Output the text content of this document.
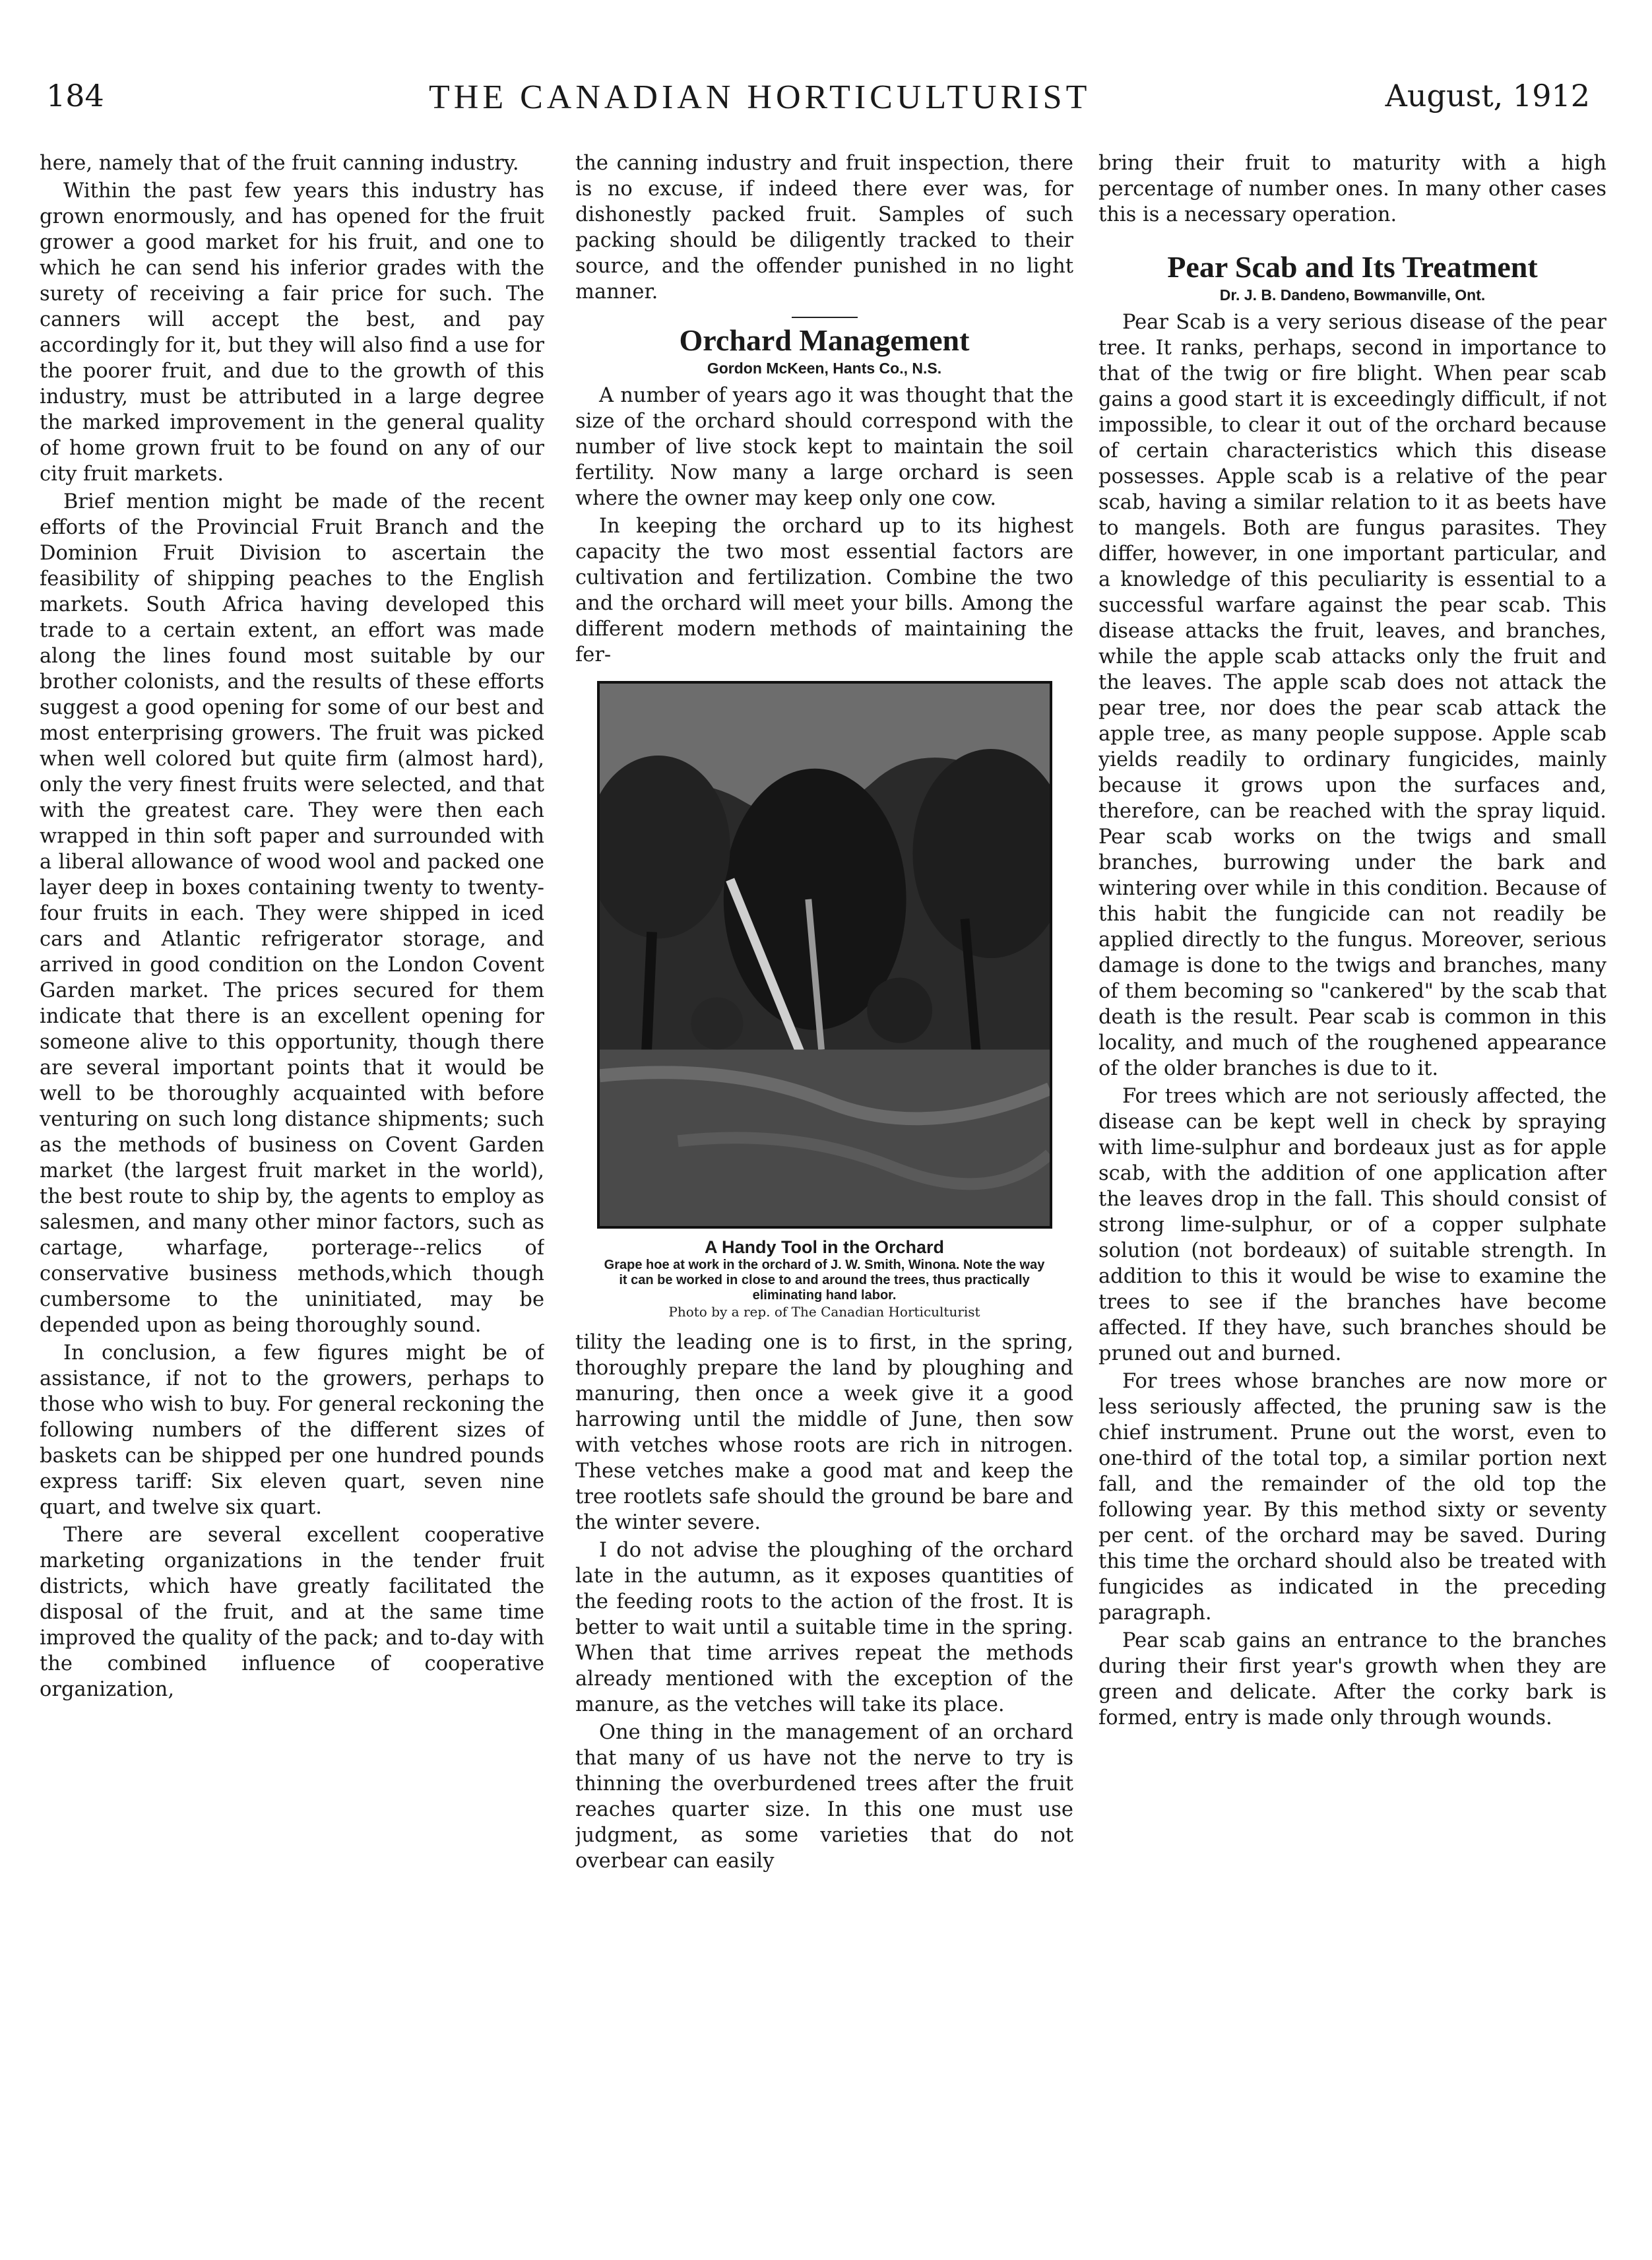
184	THE CANADIAN HORTICULTURIST	August, 1912

here, namely that of the fruit canning industry.

Within the past few years this industry has grown enormously, and has opened for the fruit grower a good market for his fruit, and one to which he can send his inferior grades with the surety of receiving a fair price for such. The canners will accept the best, and pay accordingly for it, but they will also find a use for the poorer fruit, and due to the growth of this industry, must be attributed in a large degree the marked improvement in the general quality of home grown fruit to be found on any of our city fruit markets.

Brief mention might be made of the recent efforts of the Provincial Fruit Branch and the Dominion Fruit Division to ascertain the feasibility of shipping peaches to the English markets. South Africa having developed this trade to a certain extent, an effort was made along the lines found most suitable by our brother colonists, and the results of these efforts suggest a good opening for some of our best and most enterprising growers. The fruit was picked when well colored but quite firm (almost hard), only the very finest fruits were selected, and that with the greatest care. They were then each wrapped in thin soft paper and surrounded with a liberal allowance of wood wool and packed one layer deep in boxes containing twenty to twenty-four fruits in each. They were shipped in iced cars and Atlantic refrigerator storage, and arrived in good condition on the London Covent Garden market. The prices secured for them indicate that there is an excellent opening for someone alive to this opportunity, though there are several important points that it would be well to be thoroughly acquainted with before venturing on such long distance shipments; such as the methods of business on Covent Garden market (the largest fruit market in the world), the best route to ship by, the agents to employ as salesmen, and many other minor factors, such as cartage, wharfage, porterage--relics of conservative business methods,which though cumbersome to the uninitiated, may be depended upon as being thoroughly sound.

In conclusion, a few figures might be of assistance, if not to the growers, perhaps to those who wish to buy. For general reckoning the following numbers of the different sizes of baskets can be shipped per one hundred pounds express tariff: Six eleven quart, seven nine quart, and twelve six quart.

There are several excellent cooperative marketing organizations in the tender fruit districts, which have greatly facilitated the disposal of the fruit, and at the same time improved the quality of the pack; and to-day with the combined influence of cooperative organization,

the canning industry and fruit inspection, there is no excuse, if indeed there ever was, for dishonestly packed fruit. Samples of such packing should be diligently tracked to their source, and the offender punished in no light manner.

Orchard Management
Gordon McKeen, Hants Co., N.S.

A number of years ago it was thought that the size of the orchard should correspond with the number of live stock kept to maintain the soil fertility. Now many a large orchard is seen where the owner may keep only one cow.

In keeping the orchard up to its highest capacity the two most essential factors are cultivation and fertilization. Combine the two and the orchard will meet your bills. Among the different modern methods of maintaining the fer-

A Handy Tool in the Orchard
Grape hoe at work in the orchard of J. W. Smith, Winona. Note the way it can be worked in close to and around the trees, thus practically eliminating hand labor.
Photo by a rep. of The Canadian Horticulturist

tility the leading one is to first, in the spring, thoroughly prepare the land by ploughing and manuring, then once a week give it a good harrowing until the middle of June, then sow with vetches whose roots are rich in nitrogen. These vetches make a good mat and keep the tree rootlets safe should the ground be bare and the winter severe.

I do not advise the ploughing of the orchard late in the autumn, as it exposes quantities of the feeding roots to the action of the frost. It is better to wait until a suitable time in the spring. When that time arrives repeat the methods already mentioned with the exception of the manure, as the vetches will take its place.

One thing in the management of an orchard that many of us have not the nerve to try is thinning the overburdened trees after the fruit reaches quarter size. In this one must use judgment, as some varieties that do not overbear can easily

bring their fruit to maturity with a high percentage of number ones. In many other cases this is a necessary operation.

Pear Scab and Its Treatment
Dr. J. B. Dandeno, Bowmanville, Ont.

Pear Scab is a very serious disease of the pear tree. It ranks, perhaps, second in importance to that of the twig or fire blight. When pear scab gains a good start it is exceedingly difficult, if not impossible, to clear it out of the orchard because of certain characteristics which this disease possesses. Apple scab is a relative of the pear scab, having a similar relation to it as beets have to mangels. Both are fungus parasites. They differ, however, in one important particular, and a knowledge of this peculiarity is essential to a successful warfare against the pear scab. This disease attacks the fruit, leaves, and branches, while the apple scab attacks only the fruit and the leaves. The apple scab does not attack the pear tree, nor does the pear scab attack the apple tree, as many people suppose. Apple scab yields readily to ordinary fungicides, mainly because it grows upon the surfaces and, therefore, can be reached with the spray liquid. Pear scab works on the twigs and small branches, burrowing under the bark and wintering over while in this condition. Because of this habit the fungicide can not readily be applied directly to the fungus. Moreover, serious damage is done to the twigs and branches, many of them becoming so "cankered" by the scab that death is the result. Pear scab is common in this locality, and much of the roughened appearance of the older branches is due to it.

For trees which are not seriously affected, the disease can be kept well in check by spraying with lime-sulphur and bordeaux just as for apple scab, with the addition of one application after the leaves drop in the fall. This should consist of strong lime-sulphur, or of a copper sulphate solution (not bordeaux) of suitable strength. In addition to this it would be wise to examine the trees to see if the branches have become affected. If they have, such branches should be pruned out and burned.

For trees whose branches are now more or less seriously affected, the pruning saw is the chief instrument. Prune out the worst, even to one-third of the total top, a similar portion next fall, and the remainder of the old top the following year. By this method sixty or seventy per cent. of the orchard may be saved. During this time the orchard should also be treated with fungicides as indicated in the preceding paragraph.

Pear scab gains an entrance to the branches during their first year's growth when they are green and delicate. After the corky bark is formed, entry is made only through wounds.
